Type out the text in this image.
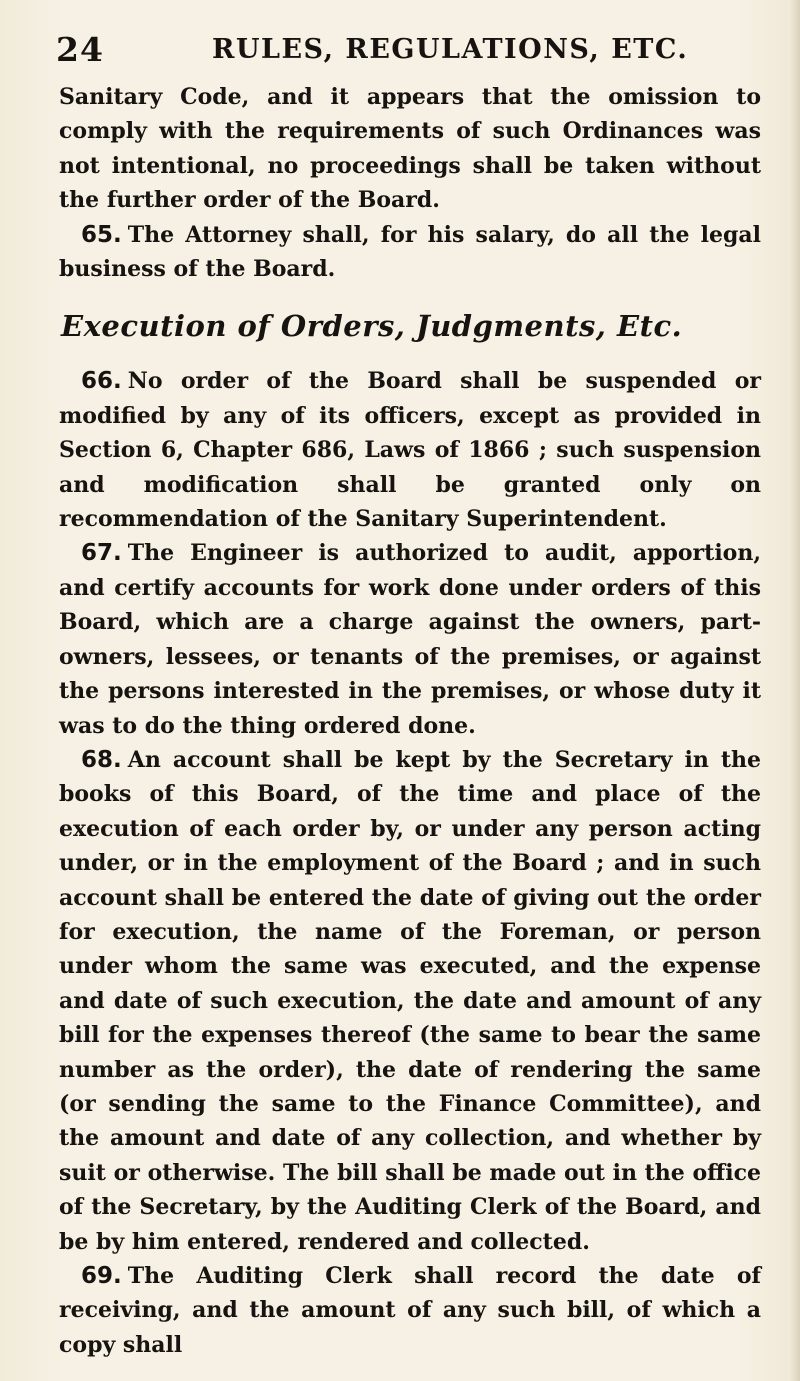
24	RULES, REGULATIONS, ETC.

Sanitary Code, and it appears that the omission to comply with the requirements of such Ordinances was not intentional, no proceedings shall be taken without the further order of the Board.

65. The Attorney shall, for his salary, do all the legal business of the Board.

Execution of Orders, Judgments, Etc.

66. No order of the Board shall be suspended or modified by any of its officers, except as provided in Section 6, Chapter 686, Laws of 1866 ; such suspension and modification shall be granted only on recommendation of the Sanitary Superintendent.

67. The Engineer is authorized to audit, apportion, and certify accounts for work done under orders of this Board, which are a charge against the owners, part-owners, lessees, or tenants of the premises, or against the persons interested in the premises, or whose duty it was to do the thing ordered done.

68. An account shall be kept by the Secretary in the books of this Board, of the time and place of the execution of each order by, or under any person acting under, or in the employment of the Board ; and in such account shall be entered the date of giving out the order for execution, the name of the Foreman, or person under whom the same was executed, and the expense and date of such execution, the date and amount of any bill for the expenses thereof (the same to bear the same number as the order), the date of rendering the same (or sending the same to the Finance Committee), and the amount and date of any collection, and whether by suit or otherwise. The bill shall be made out in the office of the Secretary, by the Auditing Clerk of the Board, and be by him entered, rendered and collected.

69. The Auditing Clerk shall record the date of receiving, and the amount of any such bill, of which a copy shall
